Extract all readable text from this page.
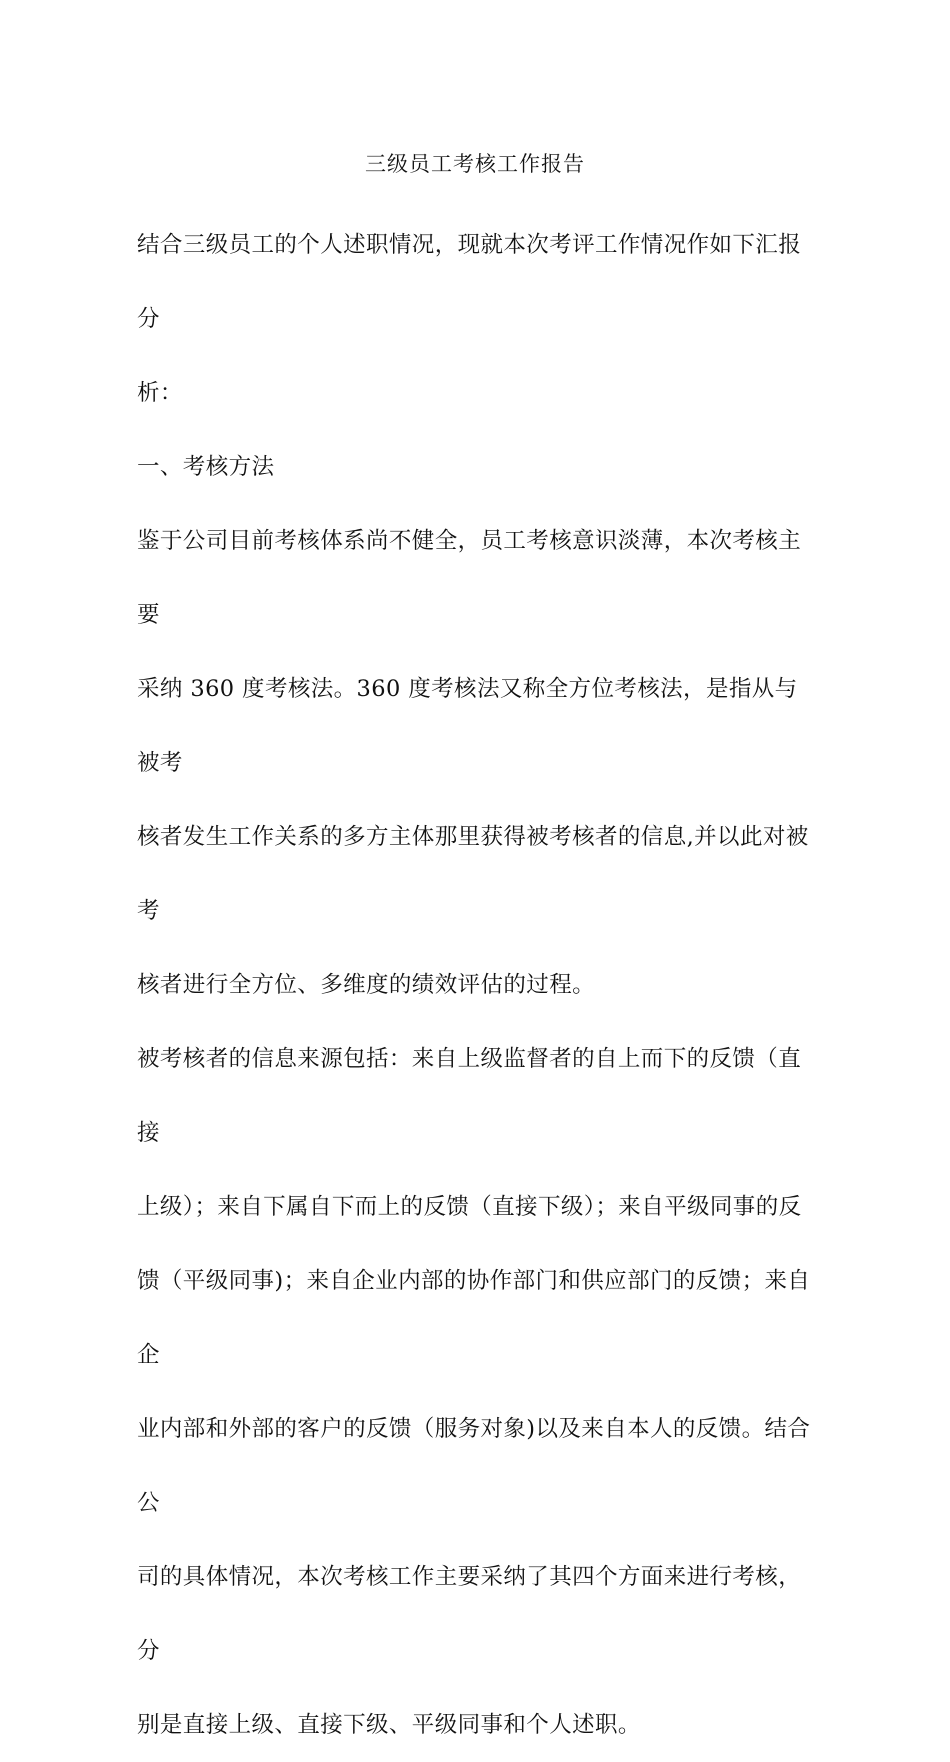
三级员工考核工作报告

结合三级员工的个人述职情况，现就本次考评工作情况作如下汇报分

析：

一、考核方法

鉴于公司目前考核体系尚不健全，员工考核意识淡薄，本次考核主要

采纳 360 度考核法。360 度考核法又称全方位考核法，是指从与被考

核者发生工作关系的多方主体那里获得被考核者的信息,并以此对被考

核者进行全方位、多维度的绩效评估的过程。

被考核者的信息来源包括：来自上级监督者的自上而下的反馈（直接

上级）；来自下属自下而上的反馈（直接下级）；来自平级同事的反

馈（平级同事)；来自企业内部的协作部门和供应部门的反馈；来自企

业内部和外部的客户的反馈（服务对象)以及来自本人的反馈。结合公

司的具体情况，本次考核工作主要采纳了其四个方面来进行考核，分

别是直接上级、直接下级、平级同事和个人述职。
